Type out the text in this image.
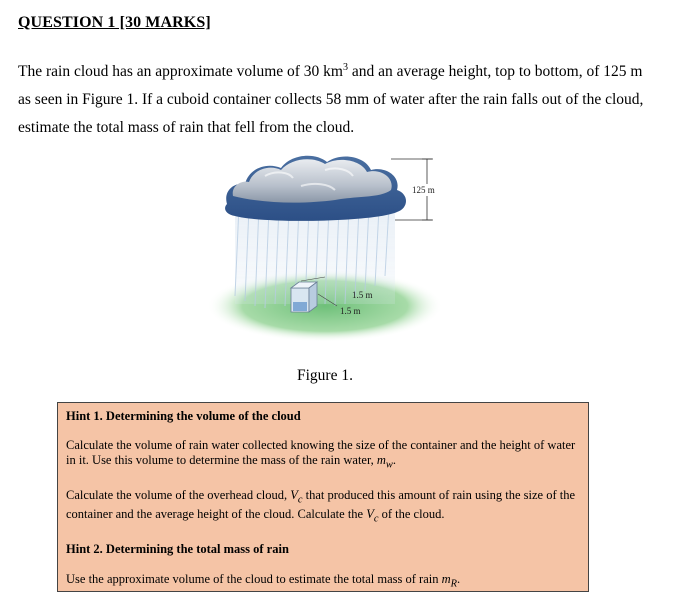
QUESTION 1 [30 MARKS]
The rain cloud has an approximate volume of 30 $km^3$ and an average height, top to bottom, of 125 m as seen in Figure 1. If a cuboid container collects 58 mm of water after the rain falls out of the cloud, estimate the total mass of rain that fell from the cloud.
125 m
1.5 m
1.5 m
Figure 1.

Hint 1. Determining the volume of the cloud

Calculate the volume of rain water collected knowing the size of the container and the height of water in it. Use this volume to determine the mass of the rain water, $m_w$.

Calculate the volume of the overhead cloud, $V_c$ that produced this amount of rain using the size of the container and the average height of the cloud. Calculate the $V_c$ of the cloud.

Hint 2. Determining the total mass of rain

Use the approximate volume of the cloud to estimate the total mass of rain $m_R$.
